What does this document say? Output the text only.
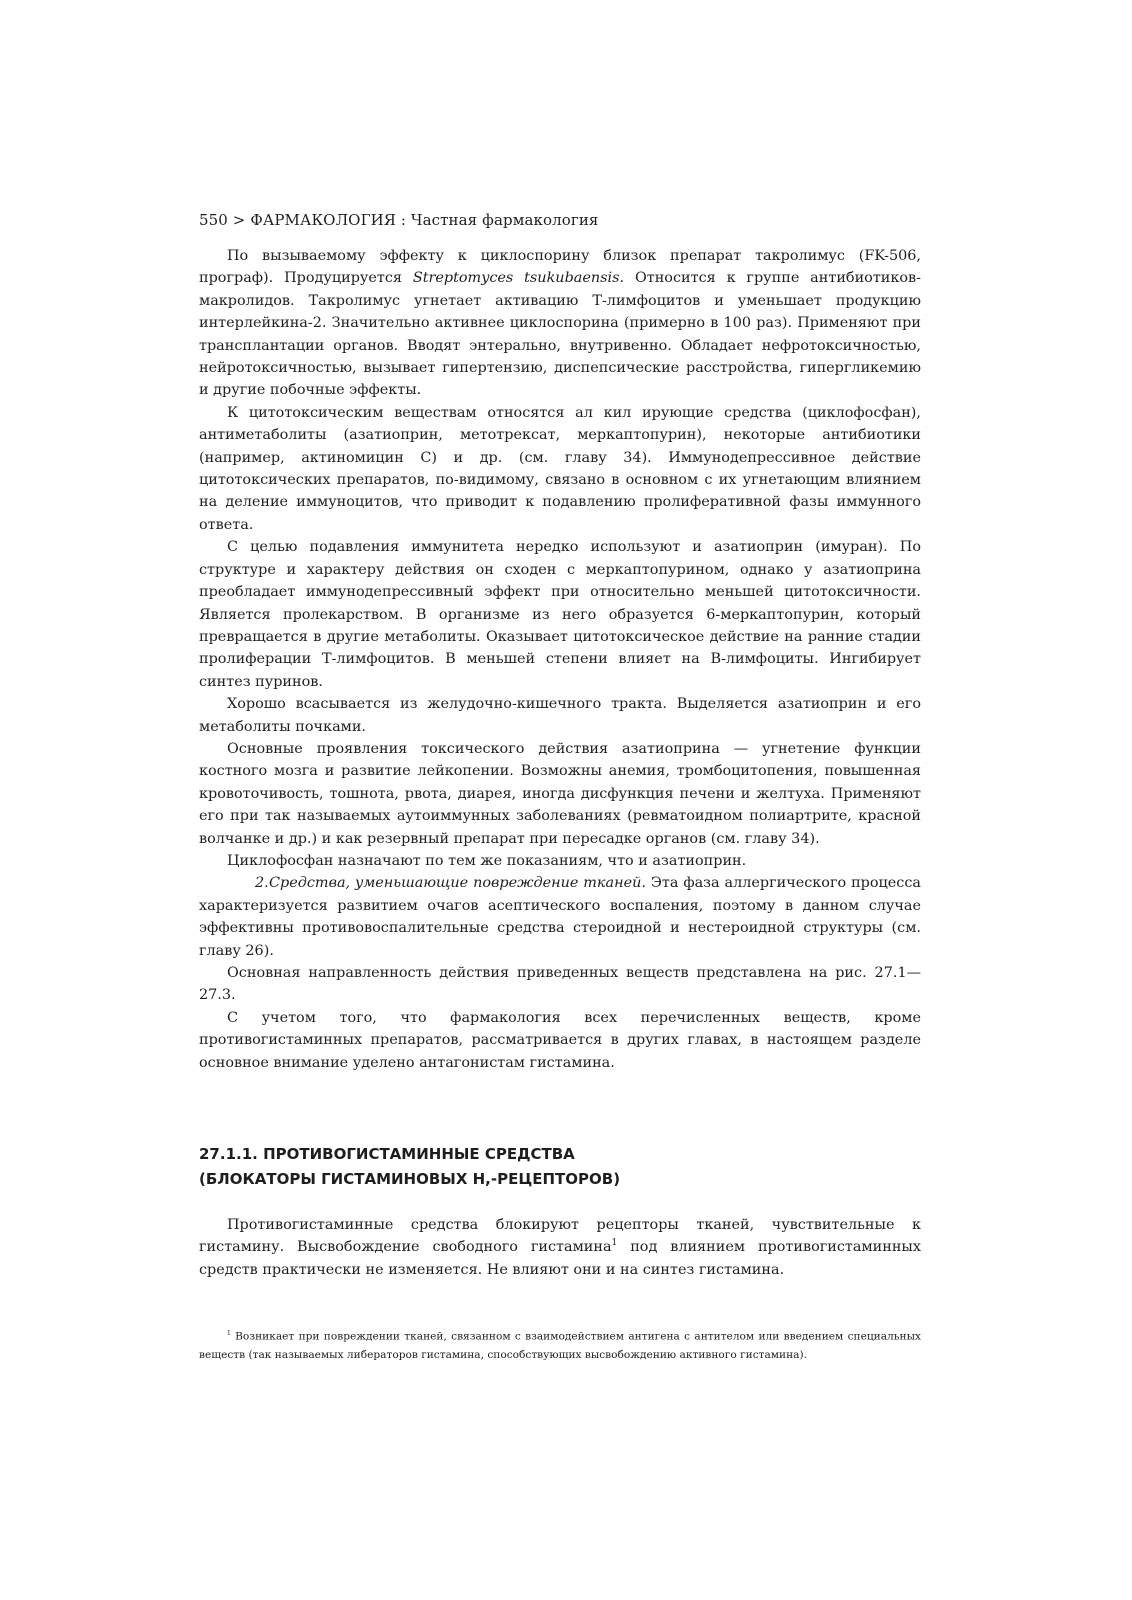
550 > ФАРМАКОЛОГИЯ : Частная фармакология

По вызываемому эффекту к циклоспорину близок препарат такролимус (FK-506, програф). Продуцируется Streptomyces tsukubaensis. Относится к группе антибиотиков-макролидов. Такролимус угнетает активацию Т-лимфоцитов и уменьшает продукцию интерлейкина-2. Значительно активнее циклоспорина (примерно в 100 раз). Применяют при трансплантации органов. Вводят энтерально, внутривенно. Обладает нефротоксичностью, нейротоксичностью, вызывает гипертензию, диспепсические расстройства, гипергликемию и другие побочные эффекты.

К цитотоксическим веществам относятся ал кил ирующие средства (циклофосфан), антиметаболиты (азатиоприн, метотрексат, меркаптопурин), некоторые антибиотики (например, актиномицин С) и др. (см. главу 34). Иммунодепрессивное действие цитотоксических препаратов, по-видимому, связано в основном с их угнетающим влиянием на деление иммуноцитов, что приводит к подавлению пролиферативной фазы иммунного ответа.

С целью подавления иммунитета нередко используют и азатиоприн (имуран). По структуре и характеру действия он сходен с меркаптопурином, однако у азатиоприна преобладает иммунодепрессивный эффект при относительно меньшей цитотоксичности. Является пролекарством. В организме из него образуется 6-меркаптопурин, который превращается в другие метаболиты. Оказывает цитотоксическое действие на ранние стадии пролиферации Т-лимфоцитов. В меньшей степени влияет на В-лимфоциты. Ингибирует синтез пуринов.

Хорошо всасывается из желудочно-кишечного тракта. Выделяется азатиоприн и его метаболиты почками.

Основные проявления токсического действия азатиоприна — угнетение функции костного мозга и развитие лейкопении. Возможны анемия, тромбоцитопения, повышенная кровоточивость, тошнота, рвота, диарея, иногда дисфункция печени и желтуха. Применяют его при так называемых аутоиммунных заболеваниях (ревматоидном полиартрите, красной волчанке и др.) и как резервный препарат при пересадке органов (см. главу 34).

Циклофосфан назначают по тем же показаниям, что и азатиоприн.

2.Средства, уменьшающие повреждение тканей. Эта фаза аллергического процесса характеризуется развитием очагов асептического воспаления, поэтому в данном случае эффективны противовоспалительные средства стероидной и нестероидной структуры (см. главу 26).

Основная направленность действия приведенных веществ представлена на рис. 27.1—27.3.

С учетом того, что фармакология всех перечисленных веществ, кроме противогистаминных препаратов, рассматривается в других главах, в настоящем разделе основное внимание уделено антагонистам гистамина.

27.1.1. ПРОТИВОГИСТАМИННЫЕ СРЕДСТВА
(БЛОКАТОРЫ ГИСТАМИНОВЫХ Н,-РЕЦЕПТОРОВ)

Противогистаминные средства блокируют рецепторы тканей, чувствительные к гистамину. Высвобождение свободного гистамина$^1$ под влиянием противогистаминных средств практически не изменяется. Не влияют они и на синтез гистамина.

$^1$ Возникает при повреждении тканей, связанном с взаимодействием антигена с антителом или введением специальных веществ (так называемых либераторов гистамина, способствующих высвобождению активного гистамина).
